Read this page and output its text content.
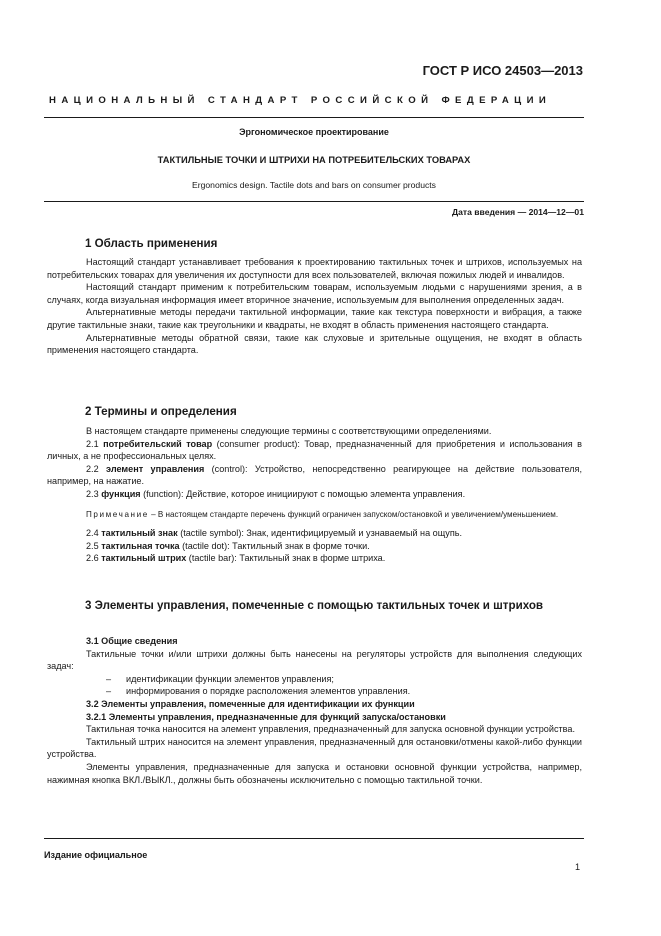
ГОСТ Р ИСО 24503—2013
НАЦИОНАЛЬНЫЙ СТАНДАРТ РОССИЙСКОЙ ФЕДЕРАЦИИ
Эргономическое проектирование
ТАКТИЛЬНЫЕ ТОЧКИ И ШТРИХИ НА ПОТРЕБИТЕЛЬСКИХ ТОВАРАХ
Ergonomics design. Tactile dots and bars on consumer products
Дата введения — 2014—12—01
1 Область применения

Настоящий стандарт устанавливает требования к проектированию тактильных точек и штрихов, используемых на потребительских товарах для увеличения их доступности для всех пользователей, включая пожилых людей и инвалидов.

Настоящий стандарт применим к потребительским товарам, используемым людьми с нарушениями зрения, а в случаях, когда визуальная информация имеет вторичное значение, используемым для выполнения определенных задач.

Альтернативные методы передачи тактильной информации, такие как текстура поверхности и вибрация, а также другие тактильные знаки, такие как треугольники и квадраты, не входят в область применения настоящего стандарта.

Альтернативные методы обратной связи, такие как слуховые и зрительные ощущения, не входят в область применения настоящего стандарта.

2 Термины и определения

В настоящем стандарте применены следующие термины с соответствующими определениями.

2.1 потребительский товар (consumer product): Товар, предназначенный для приобретения и использования в личных, а не профессиональных целях.

2.2 элемент управления (control): Устройство, непосредственно реагирующее на действие пользователя, например, на нажатие.

2.3 функция (function): Действие, которое инициируют с помощью элемента управления.

Примечание – В настоящем стандарте перечень функций ограничен запуском/остановкой и увеличением/уменьшением.

2.4 тактильный знак (tactile symbol): Знак, идентифицируемый и узнаваемый на ощупь.

2.5 тактильная точка (tactile dot): Тактильный знак в форме точки.

2.6 тактильный штрих (tactile bar): Тактильный знак в форме штриха.

3 Элементы управления, помеченные с помощью тактильных точек и штрихов

3.1 Общие сведения

Тактильные точки и/или штрихи должны быть нанесены на регуляторы устройств для выполнения следующих задач:

– идентификации функции элементов управления;

– информирования о порядке расположения элементов управления.

3.2 Элементы управления, помеченные для идентификации их функции

3.2.1 Элементы управления, предназначенные для функций запуска/остановки

Тактильная точка наносится на элемент управления, предназначенный для запуска основной функции устройства.

Тактильный штрих наносится на элемент управления, предназначенный для остановки/отмены какой-либо функции устройства.

Элементы управления, предназначенные для запуска и остановки основной функции устройства, например, нажимная кнопка ВКЛ./ВЫКЛ., должны быть обозначены исключительно с помощью тактильной точки.

Издание официальное
1
